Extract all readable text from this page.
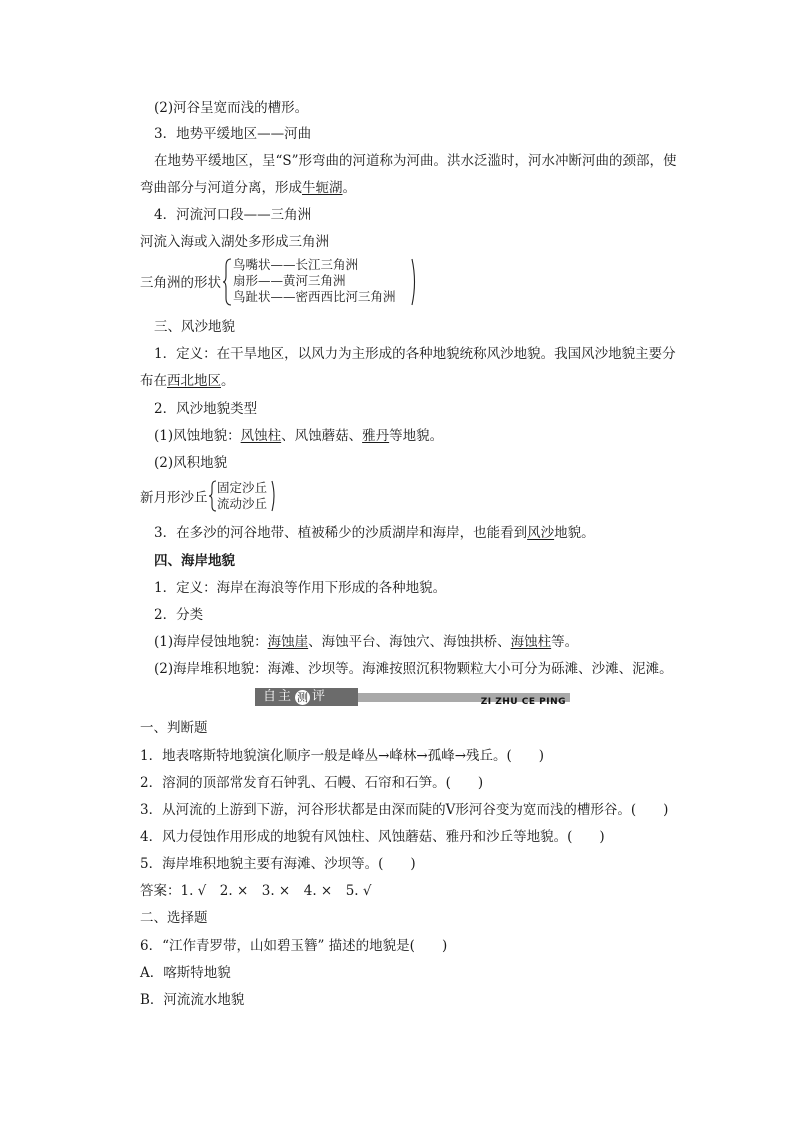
(2)河谷呈宽而浅的槽形。
3．地势平缓地区——河曲
在地势平缓地区，呈“S”形弯曲的河道称为河曲。洪水泛滥时，河水冲断河曲的颈部，使
弯曲部分与河道分离，形成牛轭湖。
4．河流河口段——三角洲
河流入海或入湖处多形成三角洲
三角洲的形状
鸟嘴状——长江三角洲
扇形——黄河三角洲
鸟趾状——密西西比河三角洲
三、风沙地貌
1．定义：在干旱地区，以风力为主形成的各种地貌统称风沙地貌。我国风沙地貌主要分
布在西北地区。
2．风沙地貌类型
(1)风蚀地貌：风蚀柱、风蚀蘑菇、雅丹等地貌。
(2)风积地貌
新月形沙丘
固定沙丘
流动沙丘
3．在多沙的河谷地带、植被稀少的沙质湖岸和海岸，也能看到风沙地貌。
四、海岸地貌
1．定义：海岸在海浪等作用下形成的各种地貌。
2．分类
(1)海岸侵蚀地貌：海蚀崖、海蚀平台、海蚀穴、海蚀拱桥、海蚀柱等。
(2)海岸堆积地貌：海滩、沙坝等。海滩按照沉积物颗粒大小可分为砾滩、沙滩、泥滩。
自 主 测 评	ZI ZHU CE PING
一、判断题
1．地表喀斯特地貌演化顺序一般是峰丛→峰林→孤峰→残丘。(　　)
2．溶洞的顶部常发育石钟乳、石幔、石帘和石笋。(　　)
3．从河流的上游到下游，河谷形状都是由深而陡的V形河谷变为宽而浅的槽形谷。(　　)
4．风力侵蚀作用形成的地貌有风蚀柱、风蚀蘑菇、雅丹和沙丘等地貌。(　　)
5．海岸堆积地貌主要有海滩、沙坝等。(　　)
答案：1. √　2. ×　3. ×　4. ×　5. √
二、选择题
6．“江作青罗带，山如碧玉簪” 描述的地貌是(　　)
A．喀斯特地貌
B．河流流水地貌
